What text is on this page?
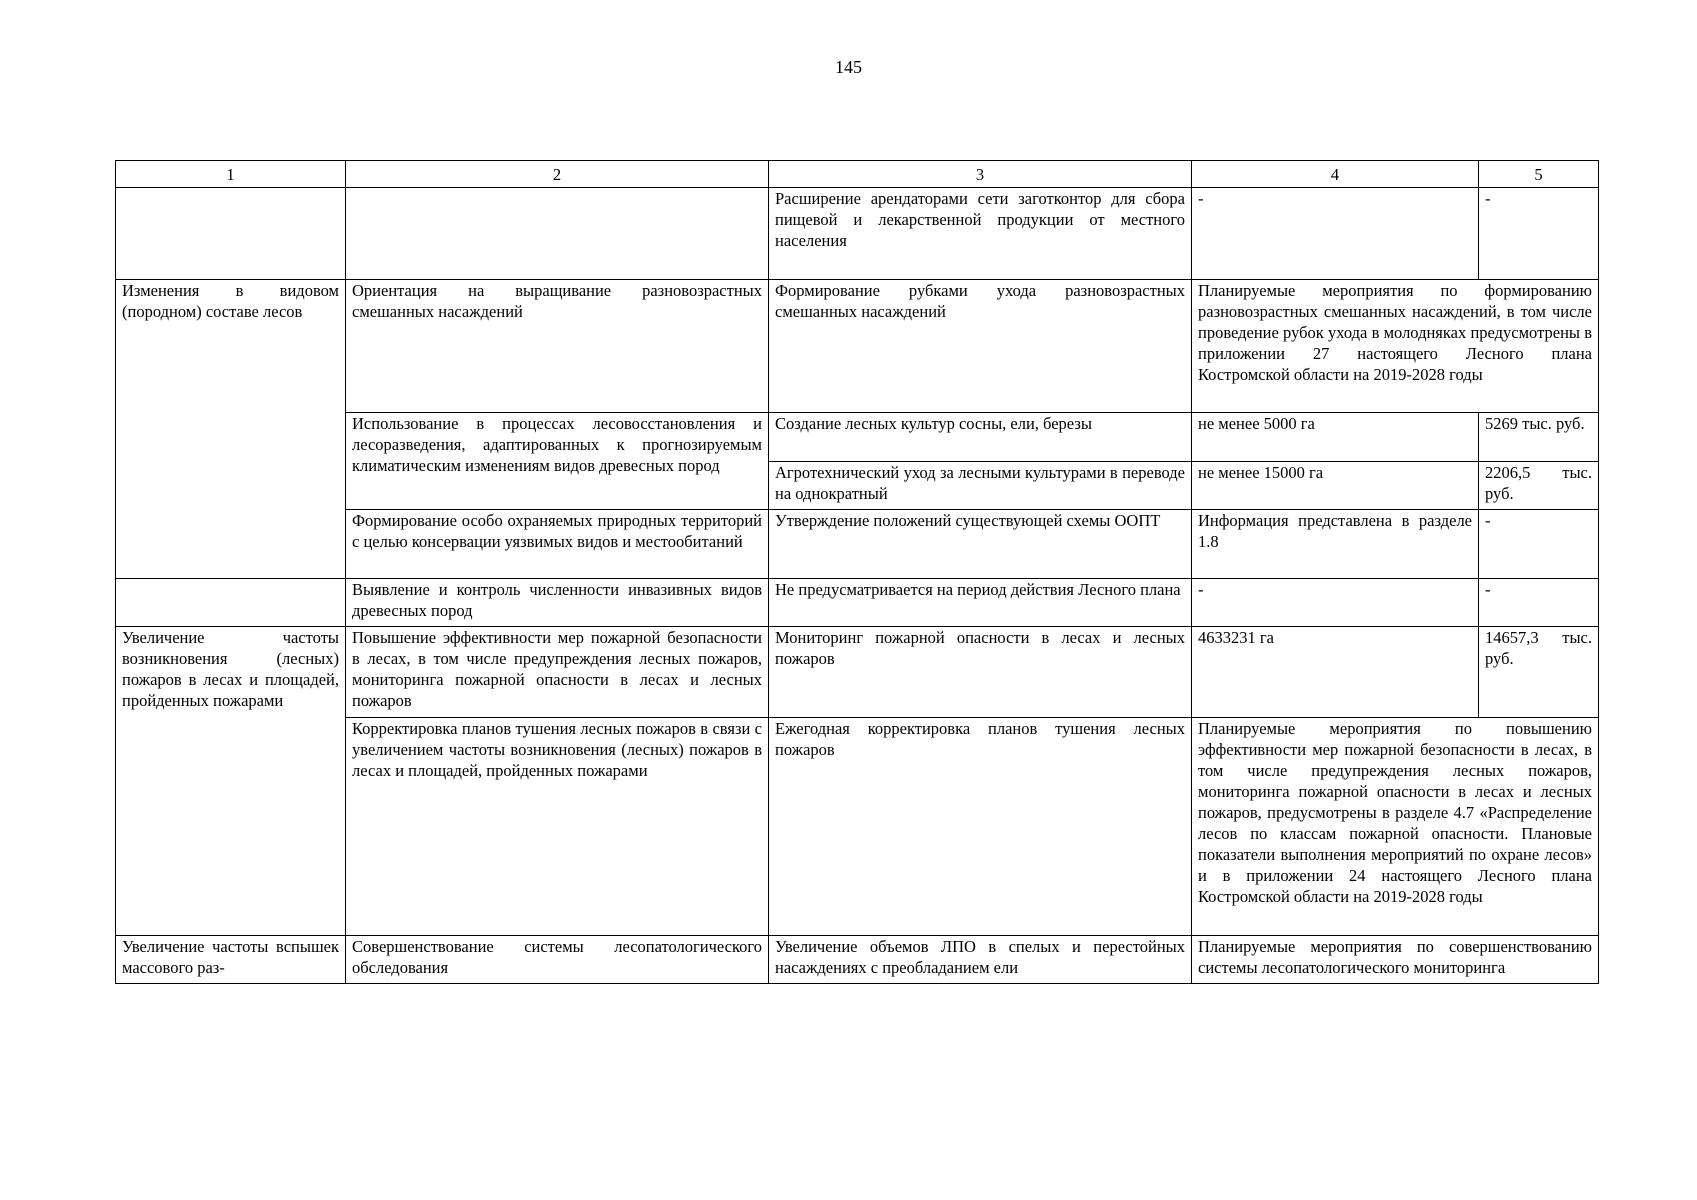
145
1	2	3	4	5
		Расширение арендаторами сети заготконтор для сбора пищевой и лекарственной продукции от местного населения	-	-
Изменения в видовом (породном) составе лесов	Ориентация на выращивание разновозрастных смешанных насаждений	Формирование рубками ухода разновозрастных смешанных насаждений	Планируемые мероприятия по формированию разновозрастных смешанных насаждений, в том числе проведение рубок ухода в молодняках предусмотрены в приложении 27 настоящего Лесного плана Костромской области на 2019-2028 годы	
	Использование в процессах лесовосстановления и лесоразведения, адаптированных к прогнозируемым климатическим изменениям видов древесных пород	Создание лесных культур сосны, ели, березы	не менее 5000 га	5269 тыс. руб.
		Агротехнический уход за лесными культурами в переводе на однократный	не менее 15000 га	2206,5 тыс. руб.
	Формирование особо охраняемых природных территорий с целью консервации уязвимых видов и местообитаний	Утверждение положений существующей схемы ООПТ	Информация представлена в разделе 1.8	-
	Выявление и контроль численности инвазивных видов древесных пород	Не предусматривается на период действия Лесного плана	-	-
Увеличение частоты возникновения (лесных) пожаров в лесах и площадей, пройденных пожарами	Повышение эффективности мер пожарной безопасности в лесах, в том числе предупреждения лесных пожаров, мониторинга пожарной опасности в лесах и лесных пожаров	Мониторинг пожарной опасности в лесах и лесных пожаров	4633231 га	14657,3 тыс. руб.
	Корректировка планов тушения лесных пожаров в связи с увеличением частоты возникновения (лесных) пожаров в лесах и площадей, пройденных пожарами	Ежегодная корректировка планов тушения лесных пожаров	Планируемые мероприятия по повышению эффективности мер пожарной безопасности в лесах, в том числе предупреждения лесных пожаров, мониторинга пожарной опасности в лесах и лесных пожаров, предусмотрены в разделе 4.7 «Распределение лесов по классам пожарной опасности. Плановые показатели выполнения мероприятий по охране лесов» и в приложении 24 настоящего Лесного плана Костромской области на 2019-2028 годы	
Увеличение частоты вспышек массового раз-	Совершенствование системы лесопатологического обследования	Увеличение объемов ЛПО в спелых и перестойных насаждениях с преобладанием ели	Планируемые мероприятия по совершенствованию системы лесопатологического мониторинга	
